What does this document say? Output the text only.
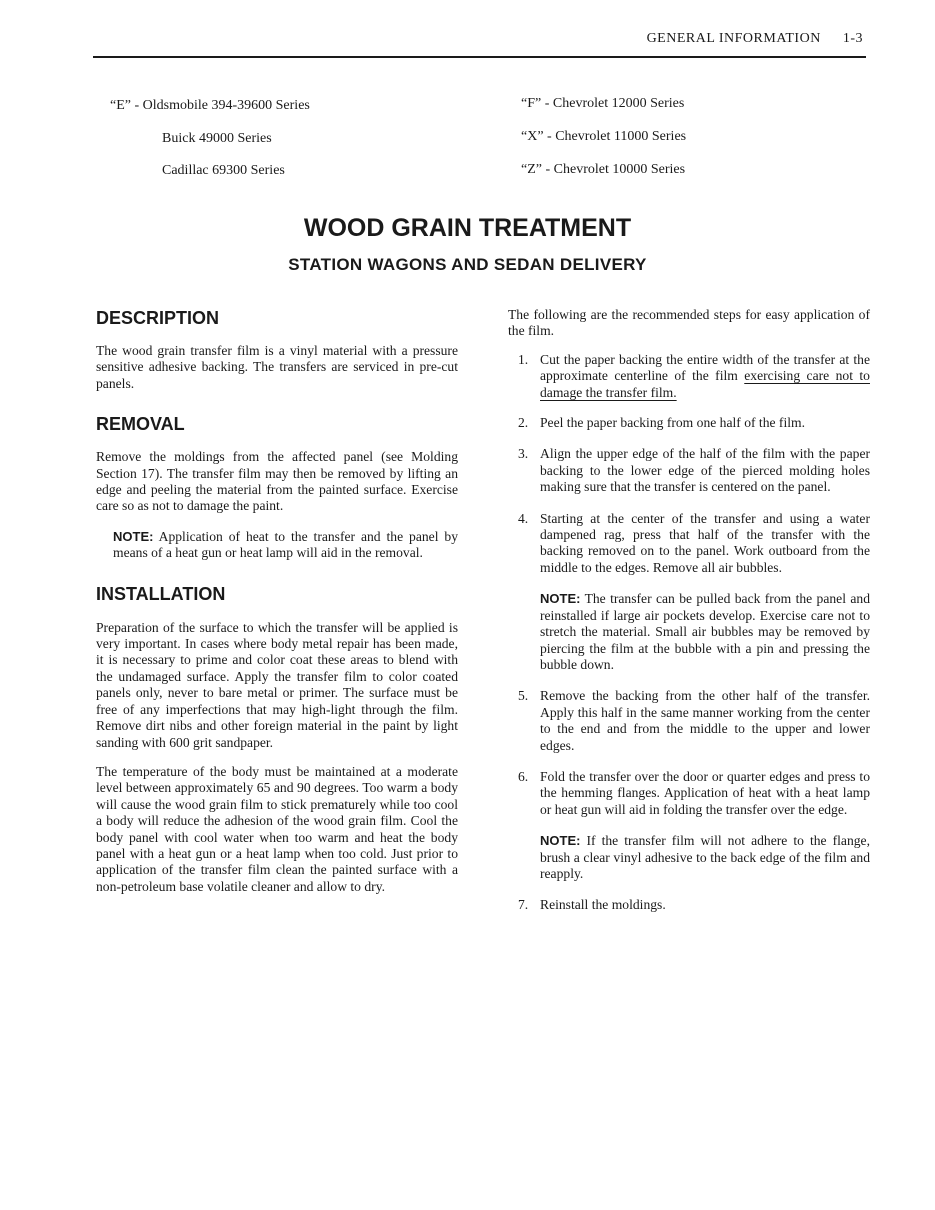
GENERAL INFORMATION 1-3
“E” - Oldsmobile 394-39600 Series
Buick 49000 Series
Cadillac 69300 Series
“F” - Chevrolet 12000 Series
“X” - Chevrolet 11000 Series
“Z” - Chevrolet 10000 Series
WOOD GRAIN TREATMENT
STATION WAGONS AND SEDAN DELIVERY
DESCRIPTION

The wood grain transfer film is a vinyl material with a pressure sensitive adhesive backing. The transfers are serviced in pre-cut panels.

REMOVAL

Remove the moldings from the affected panel (see Molding Section 17). The transfer film may then be removed by lifting an edge and peeling the material from the painted surface. Exercise care so as not to damage the paint.

NOTE: Application of heat to the transfer and the panel by means of a heat gun or heat lamp will aid in the removal.

INSTALLATION

Preparation of the surface to which the transfer will be applied is very important. In cases where body metal repair has been made, it is necessary to prime and color coat these areas to blend with the undamaged surface. Apply the transfer film to color coated panels only, never to bare metal or primer. The surface must be free of any imperfections that may high-light through the film. Remove dirt nibs and other foreign material in the paint by light sanding with 600 grit sandpaper.

The temperature of the body must be maintained at a moderate level between approximately 65 and 90 degrees. Too warm a body will cause the wood grain film to stick prematurely while too cool a body will reduce the adhesion of the wood grain film. Cool the body panel with cool water when too warm and heat the body panel with a heat gun or a heat lamp when too cold. Just prior to application of the transfer film clean the painted surface with a non-petroleum base volatile cleaner and allow to dry.

The following are the recommended steps for easy application of the film.

1. Cut the paper backing the entire width of the transfer at the approximate centerline of the film exercising care not to damage the transfer film.
2. Peel the paper backing from one half of the film.
3. Align the upper edge of the half of the film with the paper backing to the lower edge of the pierced molding holes making sure that the transfer is centered on the panel.
4. Starting at the center of the transfer and using a water dampened rag, press that half of the transfer with the backing removed on to the panel. Work outboard from the middle to the edges. Remove all air bubbles.

NOTE: The transfer can be pulled back from the panel and reinstalled if large air pockets develop. Exercise care not to stretch the material. Small air bubbles may be removed by piercing the film at the bubble with a pin and pressing the bubble down.

5. Remove the backing from the other half of the transfer. Apply this half in the same manner working from the center to the end and from the middle to the upper and lower edges.
6. Fold the transfer over the door or quarter edges and press to the hemming flanges. Application of heat with a heat lamp or heat gun will aid in folding the transfer over the edge.

NOTE: If the transfer film will not adhere to the flange, brush a clear vinyl adhesive to the back edge of the film and reapply.

7. Reinstall the moldings.
